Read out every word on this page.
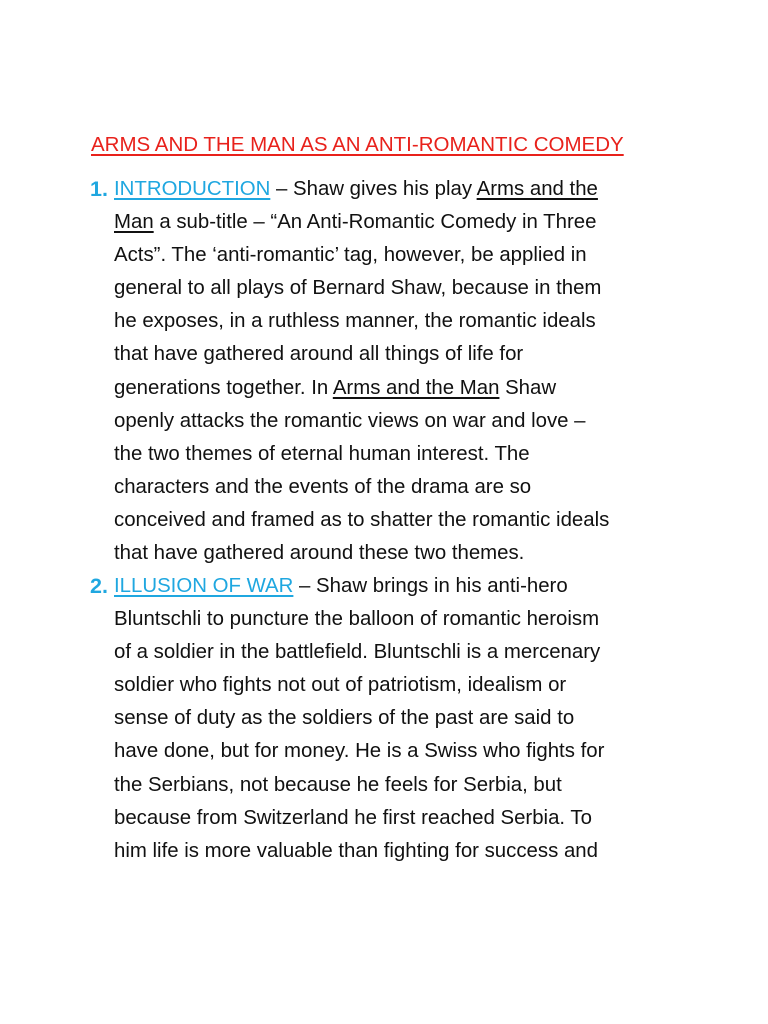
ARMS AND THE MAN AS AN ANTI-ROMANTIC COMEDY
1. INTRODUCTION – Shaw gives his play Arms and the
Man a sub-title – “An Anti-Romantic Comedy in Three
Acts”. The ‘anti-romantic’ tag, however, be applied in
general to all plays of Bernard Shaw, because in them
he exposes, in a ruthless manner, the romantic ideals
that have gathered around all things of life for
generations together. In Arms and the Man Shaw
openly attacks the romantic views on war and love –
the two themes of eternal human interest. The
characters and the events of the drama are so
conceived and framed as to shatter the romantic ideals
that have gathered around these two themes.
2. ILLUSION OF WAR – Shaw brings in his anti-hero
Bluntschli to puncture the balloon of romantic heroism
of a soldier in the battlefield. Bluntschli is a mercenary
soldier who fights not out of patriotism, idealism or
sense of duty as the soldiers of the past are said to
have done, but for money. He is a Swiss who fights for
the Serbians, not because he feels for Serbia, but
because from Switzerland he first reached Serbia. To
him life is more valuable than fighting for success and
